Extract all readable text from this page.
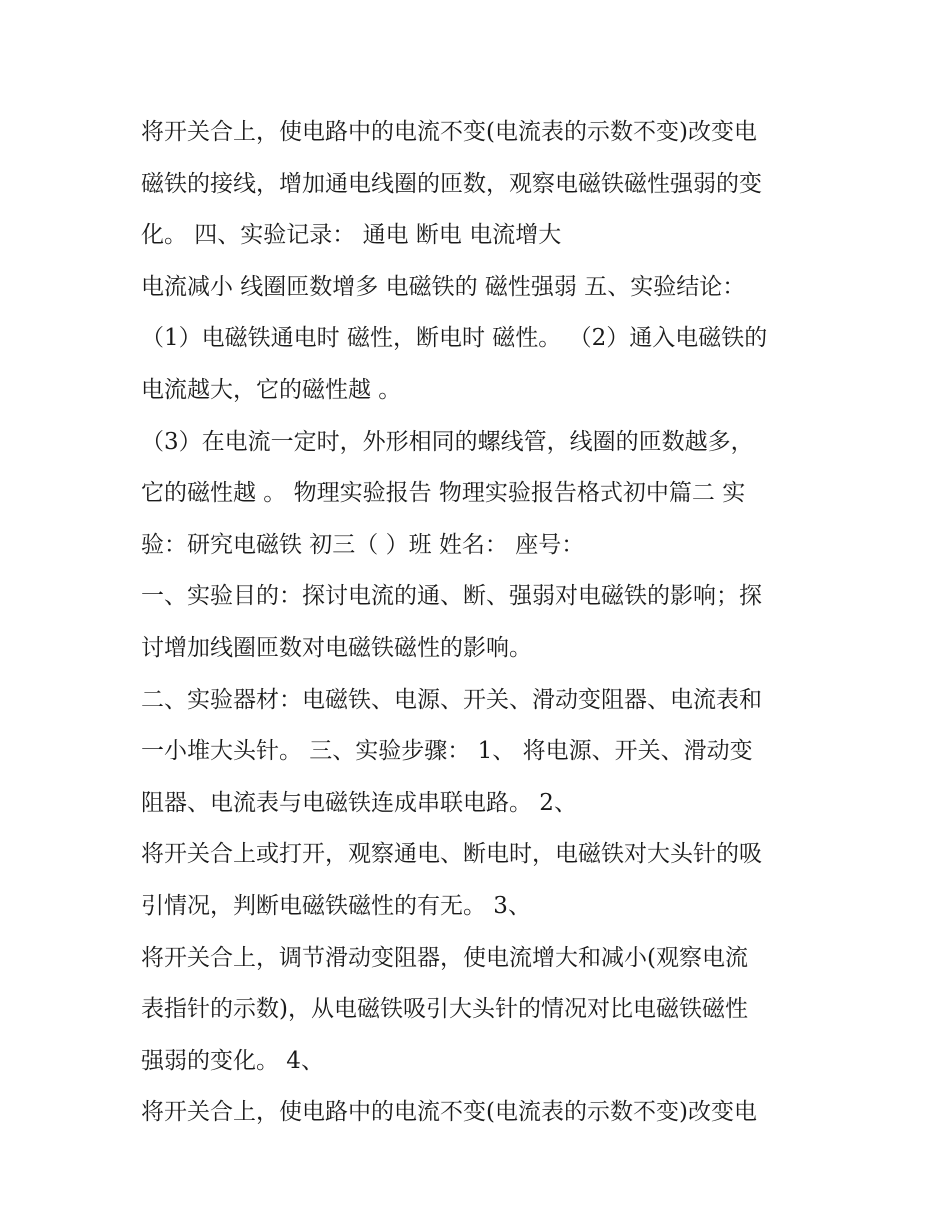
将开关合上，使电路中的电流不变(电流表的示数不变)改变电
磁铁的接线，增加通电线圈的匝数，观察电磁铁磁性强弱的变
化。 四、实验记录： 通电 断电 电流增大
电流减小 线圈匝数增多 电磁铁的 磁性强弱 五、实验结论：
（1）电磁铁通电时 磁性，断电时 磁性。 （2）通入电磁铁的
电流越大，它的磁性越 。
（3）在电流一定时，外形相同的螺线管，线圈的匝数越多，
它的磁性越 。 物理实验报告 物理实验报告格式初中篇二 实
验：研究电磁铁 初三（ ）班 姓名： 座号：
一、实验目的：探讨电流的通、断、强弱对电磁铁的影响；探
讨增加线圈匝数对电磁铁磁性的影响。
二、实验器材：电磁铁、电源、开关、滑动变阻器、电流表和
一小堆大头针。 三、实验步骤： 1、 将电源、开关、滑动变
阻器、电流表与电磁铁连成串联电路。 2、
将开关合上或打开，观察通电、断电时，电磁铁对大头针的吸
引情况，判断电磁铁磁性的有无。 3、
将开关合上，调节滑动变阻器，使电流增大和减小(观察电流
表指针的示数)，从电磁铁吸引大头针的情况对比电磁铁磁性
强弱的变化。 4、
将开关合上，使电路中的电流不变(电流表的示数不变)改变电
